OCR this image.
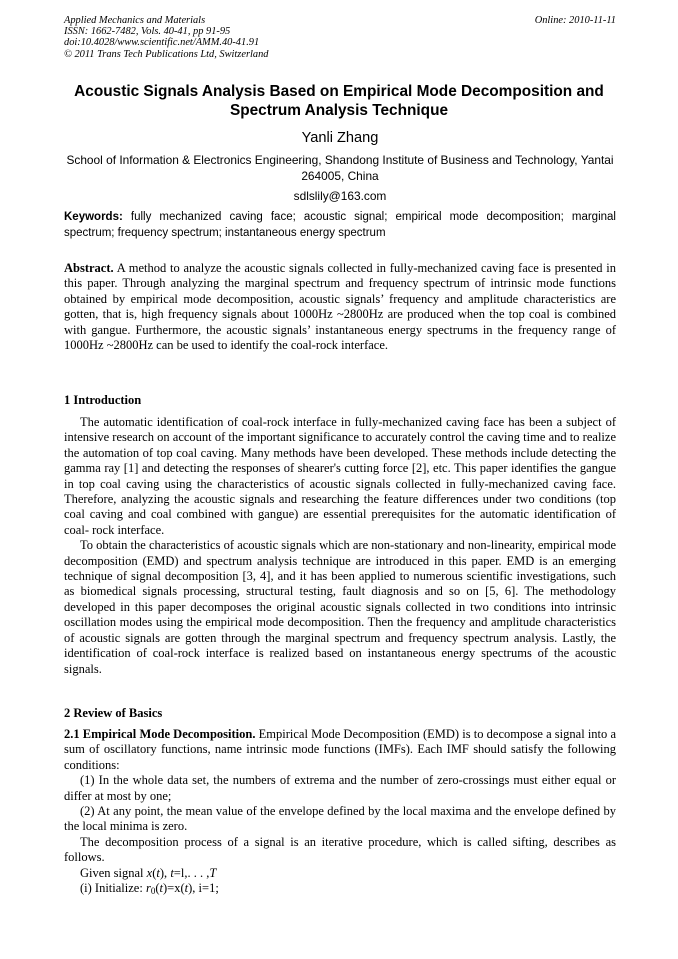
Applied Mechanics and Materials
ISSN: 1662-7482, Vols. 40-41, pp 91-95
doi:10.4028/www.scientific.net/AMM.40-41.91
© 2011 Trans Tech Publications Ltd, Switzerland
Online: 2010-11-11
Acoustic Signals Analysis Based on Empirical Mode Decomposition and Spectrum Analysis Technique
Yanli Zhang
School of Information & Electronics Engineering, Shandong Institute of Business and Technology, Yantai 264005, China
sdlslily@163.com
Keywords: fully mechanized caving face; acoustic signal; empirical mode decomposition; marginal spectrum; frequency spectrum; instantaneous energy spectrum
Abstract. A method to analyze the acoustic signals collected in fully-mechanized caving face is presented in this paper. Through analyzing the marginal spectrum and frequency spectrum of intrinsic mode functions obtained by empirical mode decomposition, acoustic signals’ frequency and amplitude characteristics are gotten, that is, high frequency signals about 1000Hz ~2800Hz are produced when the top coal is combined with gangue. Furthermore, the acoustic signals’ instantaneous energy spectrums in the frequency range of 1000Hz ~2800Hz can be used to identify the coal-rock interface.
1 Introduction

The automatic identification of coal-rock interface in fully-mechanized caving face has been a subject of intensive research on account of the important significance to accurately control the caving time and to realize the automation of top coal caving. Many methods have been developed. These methods include detecting the gamma ray [1] and detecting the responses of shearer's cutting force [2], etc. This paper identifies the gangue in top coal caving using the characteristics of acoustic signals collected in fully-mechanized caving face. Therefore, analyzing the acoustic signals and researching the feature differences under two conditions (top coal caving and coal combined with gangue) are essential prerequisites for the automatic identification of coal- rock interface.

To obtain the characteristics of acoustic signals which are non-stationary and non-linearity, empirical mode decomposition (EMD) and spectrum analysis technique are introduced in this paper. EMD is an emerging technique of signal decomposition [3, 4], and it has been applied to numerous scientific investigations, such as biomedical signals processing, structural testing, fault diagnosis and so on [5, 6]. The methodology developed in this paper decomposes the original acoustic signals collected in two conditions into intrinsic oscillation modes using the empirical mode decomposition. Then the frequency and amplitude characteristics of acoustic signals are gotten through the marginal spectrum and frequency spectrum analysis. Lastly, the identification of coal-rock interface is realized based on instantaneous energy spectrums of the acoustic signals.

2 Review of Basics

2.1 Empirical Mode Decomposition. Empirical Mode Decomposition (EMD) is to decompose a signal into a sum of oscillatory functions, name intrinsic mode functions (IMFs). Each IMF should satisfy the following conditions:

(1) In the whole data set, the numbers of extrema and the number of zero-crossings must either equal or differ at most by one;

(2) At any point, the mean value of the envelope defined by the local maxima and the envelope defined by the local minima is zero.

The decomposition process of a signal is an iterative procedure, which is called sifting, describes as follows.

Given signal x(t), t=l,. . . ,T

(i) Initialize: $r_0(t)=x(t)$, i=1;
